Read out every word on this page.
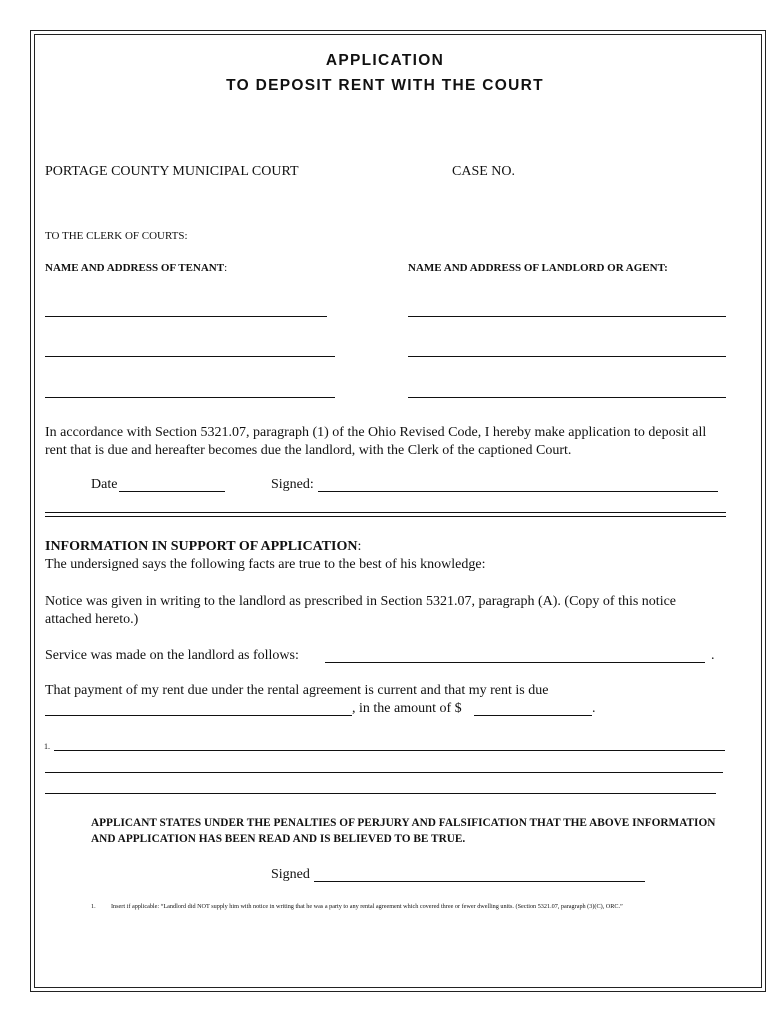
APPLICATION
TO DEPOSIT RENT WITH THE COURT
PORTAGE COUNTY MUNICIPAL COURT	CASE NO.
TO THE CLERK OF COURTS:
NAME AND ADDRESS OF TENANT:	NAME AND ADDRESS OF LANDLORD OR AGENT:
In accordance with Section 5321.07, paragraph (1) of the Ohio Revised Code, I hereby make application to deposit all rent that is due and hereafter becomes due the landlord, with the Clerk of the captioned Court.
Date	Signed:
INFORMATION IN SUPPORT OF APPLICATION:
The undersigned says the following facts are true to the best of his knowledge:
Notice was given in writing to the landlord as prescribed in Section 5321.07, paragraph (A). (Copy of this notice attached hereto.)
Service was made on the landlord as follows:	.
That payment of my rent due under the rental agreement is current and that my rent is due
, in the amount of $	.
1.
APPLICANT STATES UNDER THE PENALTIES OF PERJURY AND FALSIFICATION THAT THE ABOVE INFORMATION AND APPLICATION HAS BEEN READ AND IS BELIEVED TO BE TRUE.
Signed
1. Insert if applicable: “Landlord did NOT supply him with notice in writing that he was a party to any rental agreement which covered three or fewer dwelling units. (Section 5321.07, paragraph (3)(C), ORC.”
